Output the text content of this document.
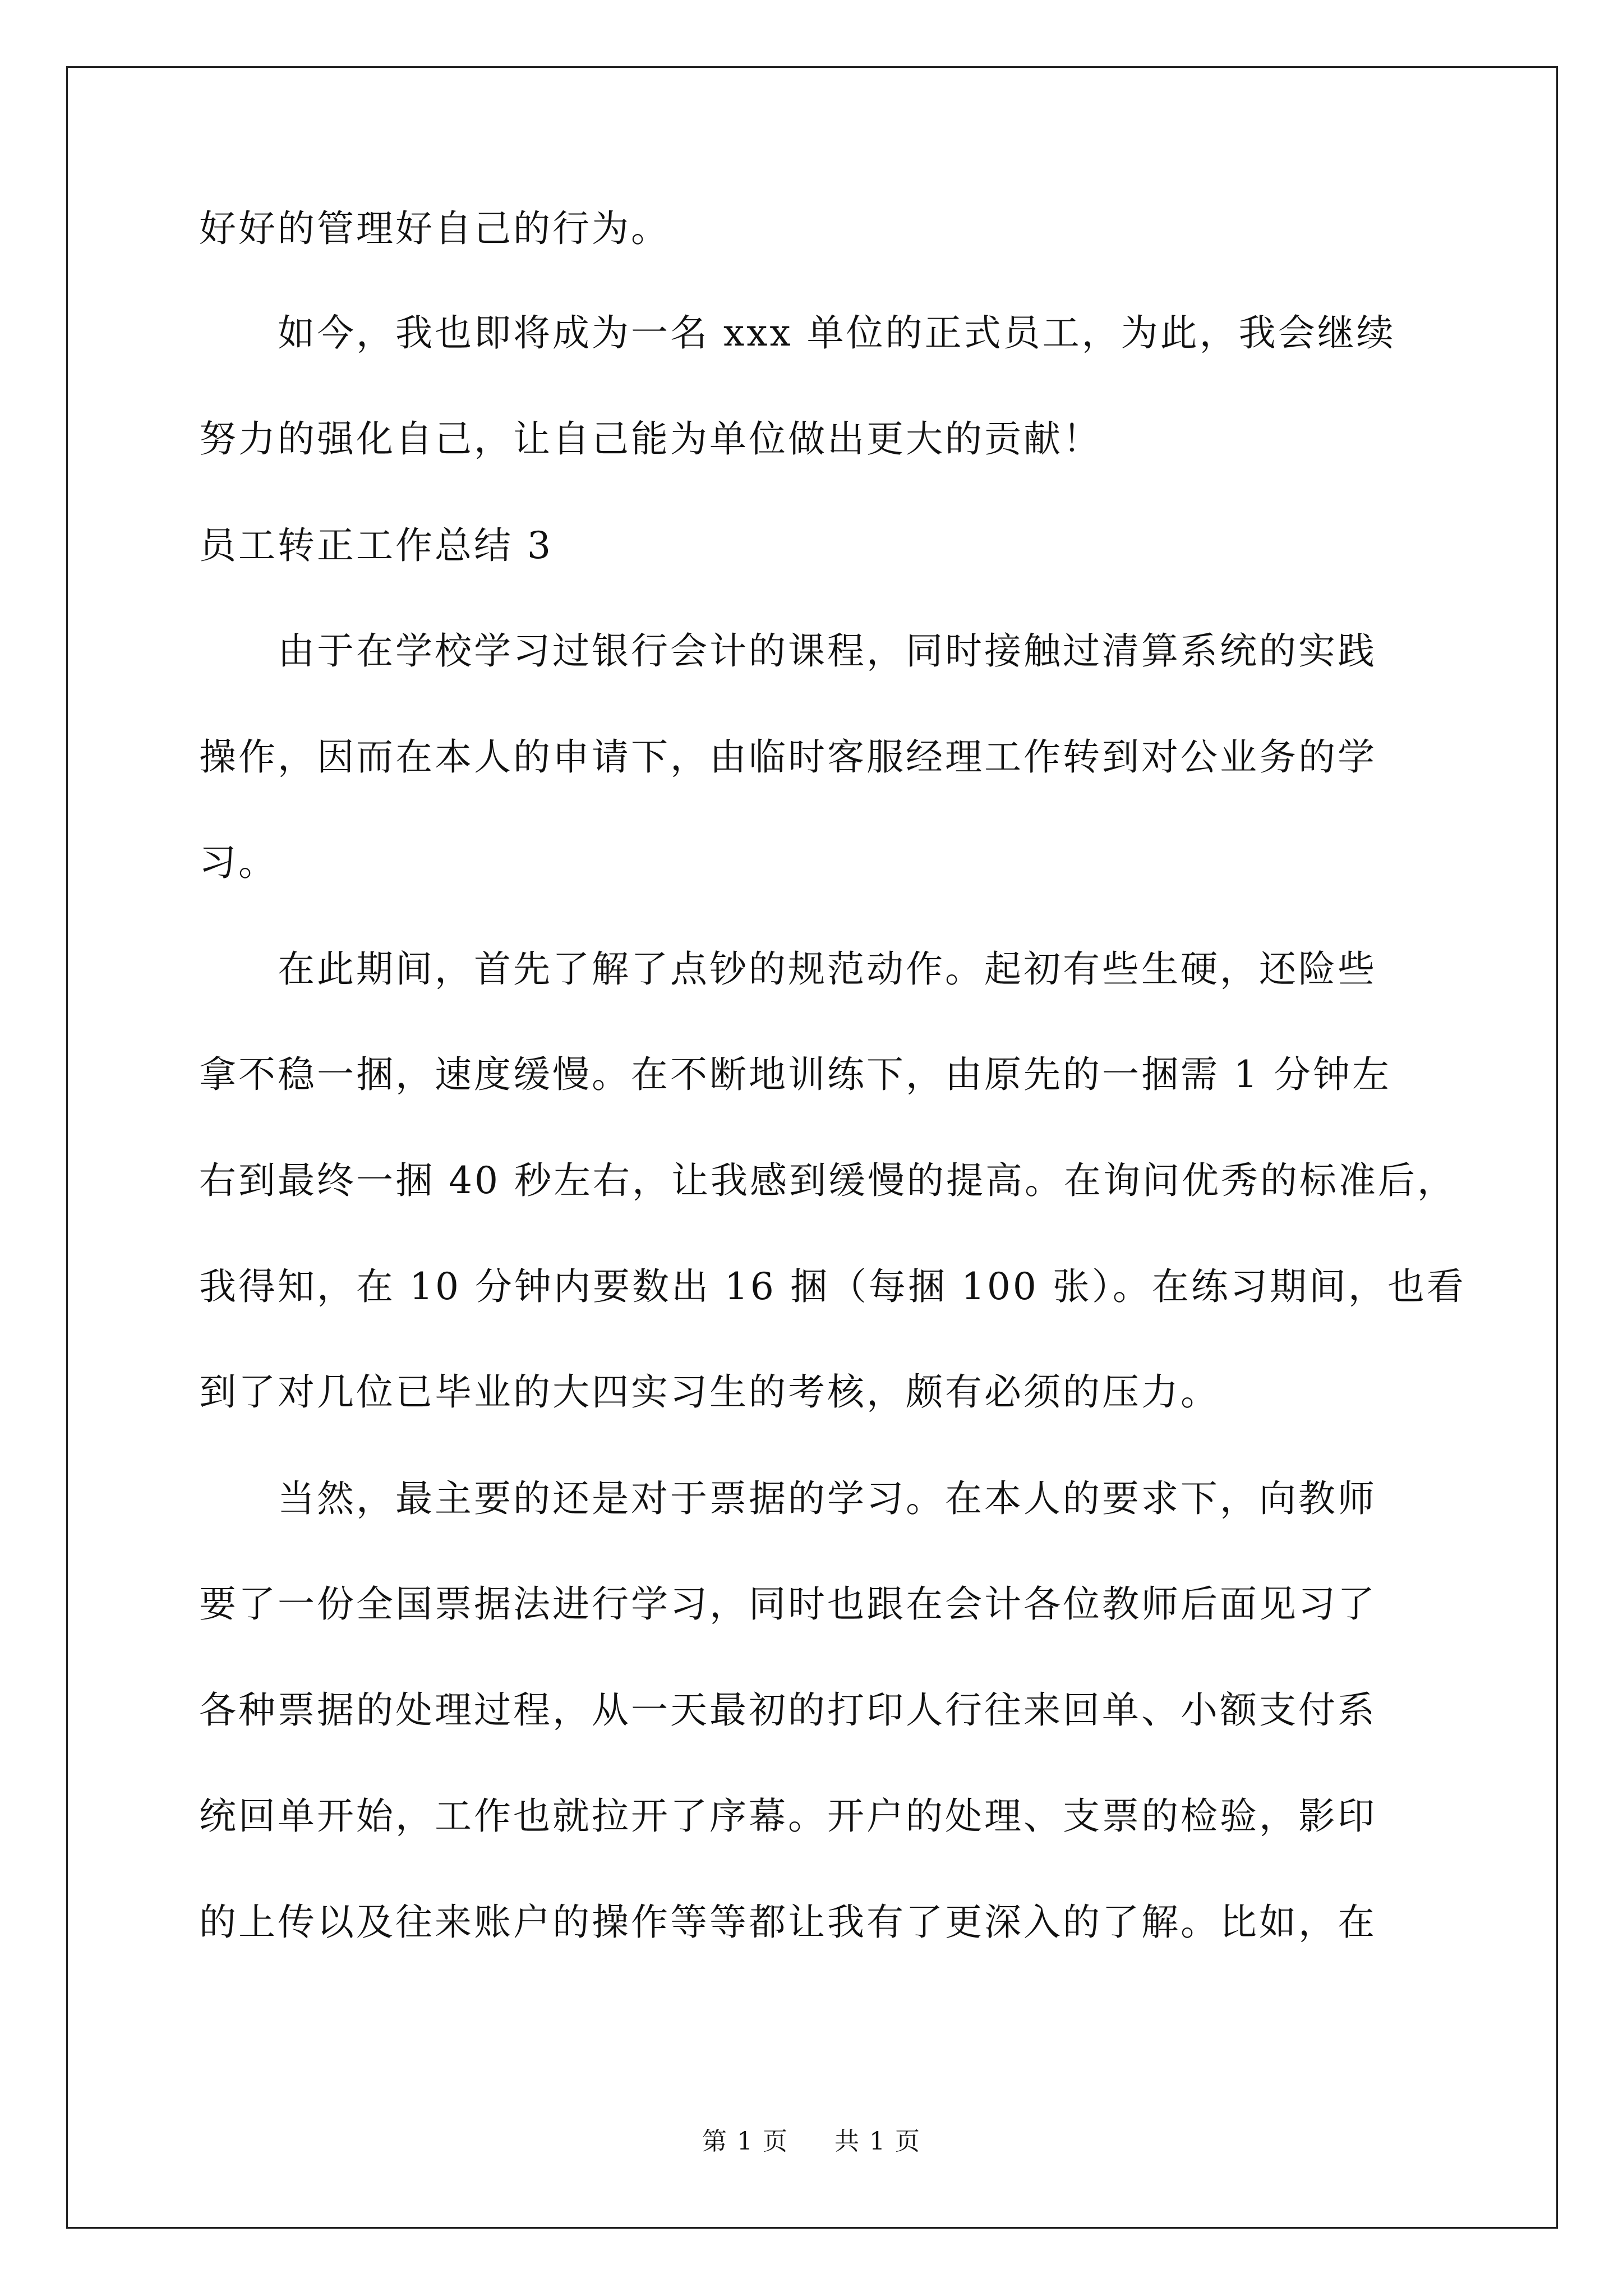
好好的管理好自己的行为。
　　如今，我也即将成为一名 xxx 单位的正式员工，为此，我会继续
努力的强化自己，让自己能为单位做出更大的贡献！
员工转正工作总结 3
　　由于在学校学习过银行会计的课程，同时接触过清算系统的实践
操作，因而在本人的申请下，由临时客服经理工作转到对公业务的学
习。
　　在此期间，首先了解了点钞的规范动作。起初有些生硬，还险些
拿不稳一捆，速度缓慢。在不断地训练下，由原先的一捆需 1 分钟左
右到最终一捆 40 秒左右，让我感到缓慢的提高。在询问优秀的标准后，
我得知，在 10 分钟内要数出 16 捆（每捆 100 张）。在练习期间，也看
到了对几位已毕业的大四实习生的考核，颇有必须的压力。
　　当然，最主要的还是对于票据的学习。在本人的要求下，向教师
要了一份全国票据法进行学习，同时也跟在会计各位教师后面见习了
各种票据的处理过程，从一天最初的打印人行往来回单、小额支付系
统回单开始，工作也就拉开了序幕。开户的处理、支票的检验，影印
的上传以及往来账户的操作等等都让我有了更深入的了解。比如，在
第 1 页 共 1 页
